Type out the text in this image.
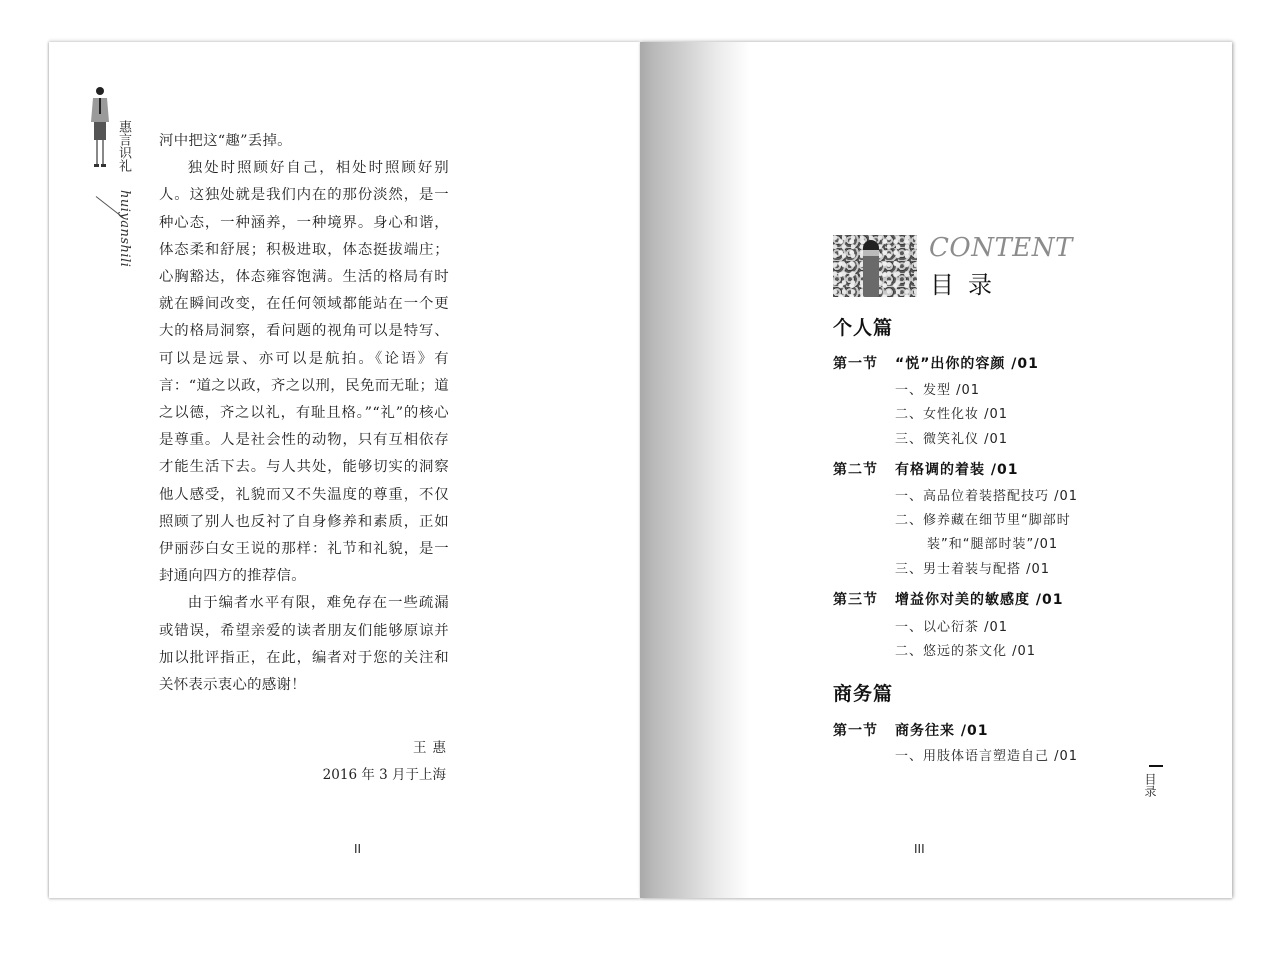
惠言识礼
huiyanshili

河中把这“趣”丢掉。

独处时照顾好自己，相处时照顾好别人。这独处就是我们内在的那份淡然，是一种心态，一种涵养，一种境界。身心和谐，体态柔和舒展；积极进取，体态挺拔端庄；心胸豁达，体态雍容饱满。生活的格局有时就在瞬间改变，在任何领域都能站在一个更大的格局洞察，看问题的视角可以是特写、可以是远景、亦可以是航拍。《论语》有言：“道之以政，齐之以刑，民免而无耻；道之以德，齐之以礼，有耻且格。”“礼”的核心是尊重。人是社会性的动物，只有互相依存才能生活下去。与人共处，能够切实的洞察他人感受，礼貌而又不失温度的尊重，不仅照顾了别人也反衬了自身修养和素质，正如伊丽莎白女王说的那样：礼节和礼貌，是一封通向四方的推荐信。

由于编者水平有限，难免存在一些疏漏或错误，希望亲爱的读者朋友们能够原谅并加以批评指正，在此，编者对于您的关注和关怀表示衷心的感谢！

王惠
2016 年 3 月于上海
II
CONTENT
目录
个人篇
第一节 “悦”出你的容颜 /01
一、发型 /01
二、女性化妆 /01
三、微笑礼仪 /01
第二节 有格调的着装 /01
一、高品位着装搭配技巧 /01
二、修养藏在细节里“脚部时
装”和“腿部时装”/01
三、男士着装与配搭 /01
第三节 增益你对美的敏感度 /01
一、以心衍茶 /01
二、悠远的茶文化 /01
商务篇
第一节 商务往来 /01
一、用肢体语言塑造自己 /01
目录
III
